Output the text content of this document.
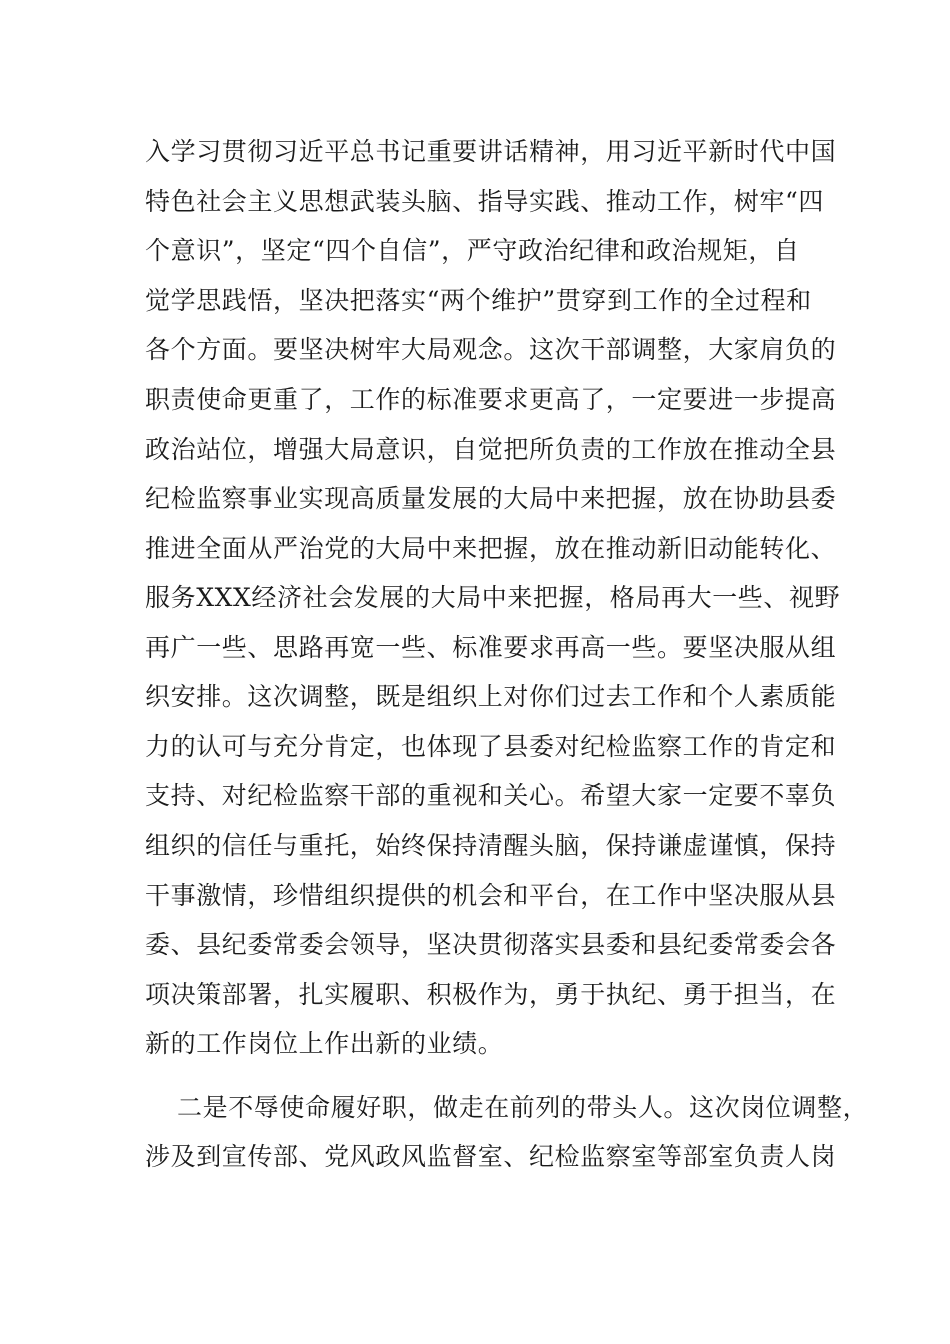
入学习贯彻习近平总书记重要讲话精神，用习近平新时代中国
特色社会主义思想武装头脑、指导实践、推动工作，树牢“四
个意识”，坚定“四个自信”，严守政治纪律和政治规矩，自
觉学思践悟，坚决把落实“两个维护”贯穿到工作的全过程和
各个方面。要坚决树牢大局观念。这次干部调整，大家肩负的
职责使命更重了，工作的标准要求更高了，一定要进一步提高
政治站位，增强大局意识，自觉把所负责的工作放在推动全县
纪检监察事业实现高质量发展的大局中来把握，放在协助县委
推进全面从严治党的大局中来把握，放在推动新旧动能转化、
服务XXX经济社会发展的大局中来把握，格局再大一些、视野
再广一些、思路再宽一些、标准要求再高一些。要坚决服从组
织安排。这次调整，既是组织上对你们过去工作和个人素质能
力的认可与充分肯定，也体现了县委对纪检监察工作的肯定和
支持、对纪检监察干部的重视和关心。希望大家一定要不辜负
组织的信任与重托，始终保持清醒头脑，保持谦虚谨慎，保持
干事激情，珍惜组织提供的机会和平台，在工作中坚决服从县
委、县纪委常委会领导，坚决贯彻落实县委和县纪委常委会各
项决策部署，扎实履职、积极作为，勇于执纪、勇于担当，在
新的工作岗位上作出新的业绩。
二是不辱使命履好职，做走在前列的带头人。这次岗位调整，
涉及到宣传部、党风政风监督室、纪检监察室等部室负责人岗
